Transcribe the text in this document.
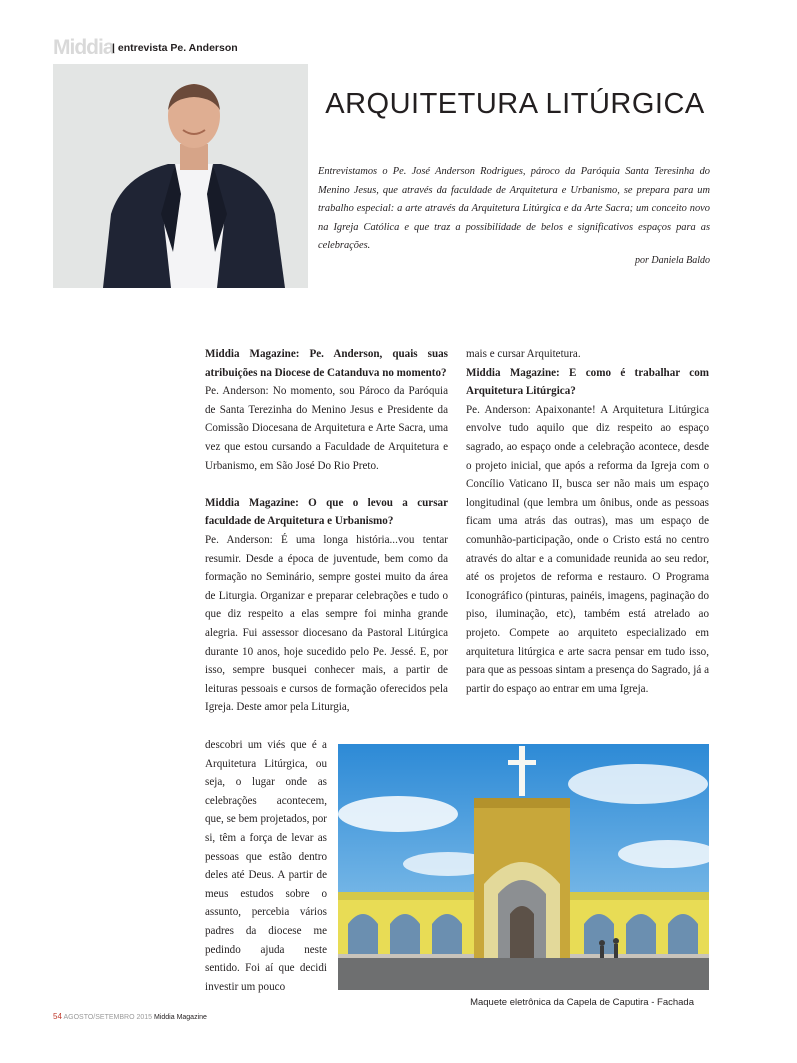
Middia
| entrevista Pe. Anderson
ARQUITETURA LITÚRGICA
Entrevistamos o Pe. José Anderson Rodrigues, pároco da Paróquia Santa Teresinha do Menino Jesus, que através da faculdade de Arquitetura e Urbanismo, se prepara para um trabalho especial: a arte através da Arquitetura Litúrgica e da Arte Sacra; um conceito novo na Igreja Católica e que traz a possibilidade de belos e significativos espaços para as celebrações.
por Daniela Baldo

Middia Magazine: Pe. Anderson, quais suas atribuições na Diocese de Catanduva no momento?

Pe. Anderson: No momento, sou Pároco da Paróquia de Santa Terezinha do Menino Jesus e Presidente da Comissão Diocesana de Arquitetura e Arte Sacra, uma vez que estou cursando a Faculdade de Arquitetura e Urbanismo, em São José Do Rio Preto.

Middia Magazine: O que o levou a cursar faculdade de Arquitetura e Urbanismo?

Pe. Anderson: É uma longa história...vou tentar resumir. Desde a época de juventude, bem como da formação no Seminário, sempre gostei muito da área de Liturgia. Organizar e preparar celebrações e tudo o que diz respeito a elas sempre foi minha grande alegria. Fui assessor diocesano da Pastoral Litúrgica durante 10 anos, hoje sucedido pelo Pe. Jessé. E, por isso, sempre busquei conhecer mais, a partir de leituras pessoais e cursos de formação oferecidos pela Igreja. Deste amor pela Liturgia,

descobri um viés que é a Arquitetura Litúrgica, ou seja, o lugar onde as celebrações acontecem, que, se bem projetados, por si, têm a força de levar as pessoas que estão dentro deles até Deus. A partir de meus estudos sobre o assunto, percebia vários padres da diocese me pedindo ajuda neste sentido. Foi aí que decidi investir um pouco

mais e cursar Arquitetura.

Middia Magazine: E como é trabalhar com Arquitetura Litúrgica?

Pe. Anderson: Apaixonante! A Arquitetura Litúrgica envolve tudo aquilo que diz respeito ao espaço sagrado, ao espaço onde a celebração acontece, desde o projeto inicial, que após a reforma da Igreja com o Concílio Vaticano II, busca ser não mais um espaço longitudinal (que lembra um ônibus, onde as pessoas ficam uma atrás das outras), mas um espaço de comunhão-participação, onde o Cristo está no centro através do altar e a comunidade reunida ao seu redor, até os projetos de reforma e restauro. O Programa Iconográfico (pinturas, painéis, imagens, paginação do piso, iluminação, etc), também está atrelado ao projeto. Compete ao arquiteto especializado em arquitetura litúrgica e arte sacra pensar em tudo isso, para que as pessoas sintam a presença do Sagrado, já a partir do espaço ao entrar em uma Igreja.

Maquete eletrônica da Capela de Caputira - Fachada
54 AGOSTO/SETEMBRO 2015 Middia Magazine
